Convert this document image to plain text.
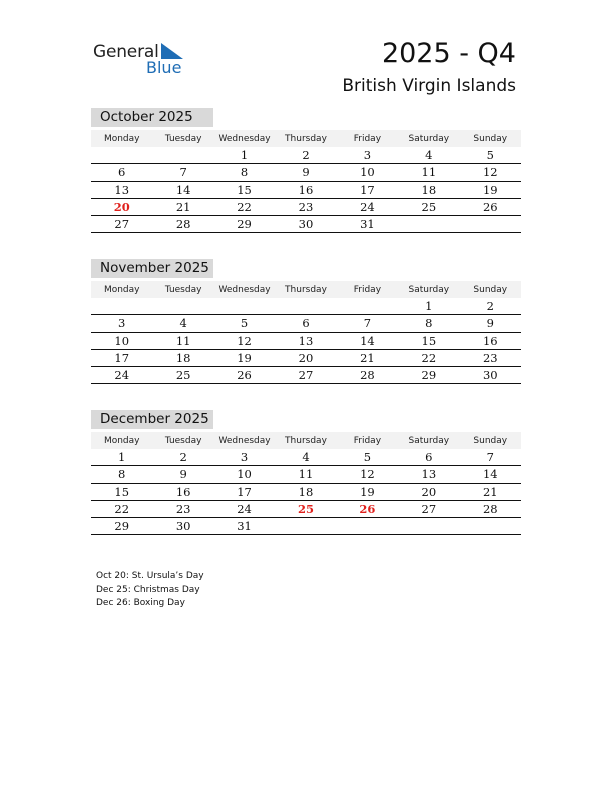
General
Blue	2025 - Q4
British Virgin Islands
October 2025
Monday	Tuesday	Wednesday	Thursday	Friday	Saturday	Sunday
		1	2	3	4	5
6	7	8	9	10	11	12
13	14	15	16	17	18	19
20	21	22	23	24	25	26
27	28	29	30	31		
November 2025
Monday	Tuesday	Wednesday	Thursday	Friday	Saturday	Sunday
					1	2
3	4	5	6	7	8	9
10	11	12	13	14	15	16
17	18	19	20	21	22	23
24	25	26	27	28	29	30
December 2025
Monday	Tuesday	Wednesday	Thursday	Friday	Saturday	Sunday
1	2	3	4	5	6	7
8	9	10	11	12	13	14
15	16	17	18	19	20	21
22	23	24	25	26	27	28
29	30	31				
Oct 20: St. Ursula’s Day
Dec 25: Christmas Day
Dec 26: Boxing Day
